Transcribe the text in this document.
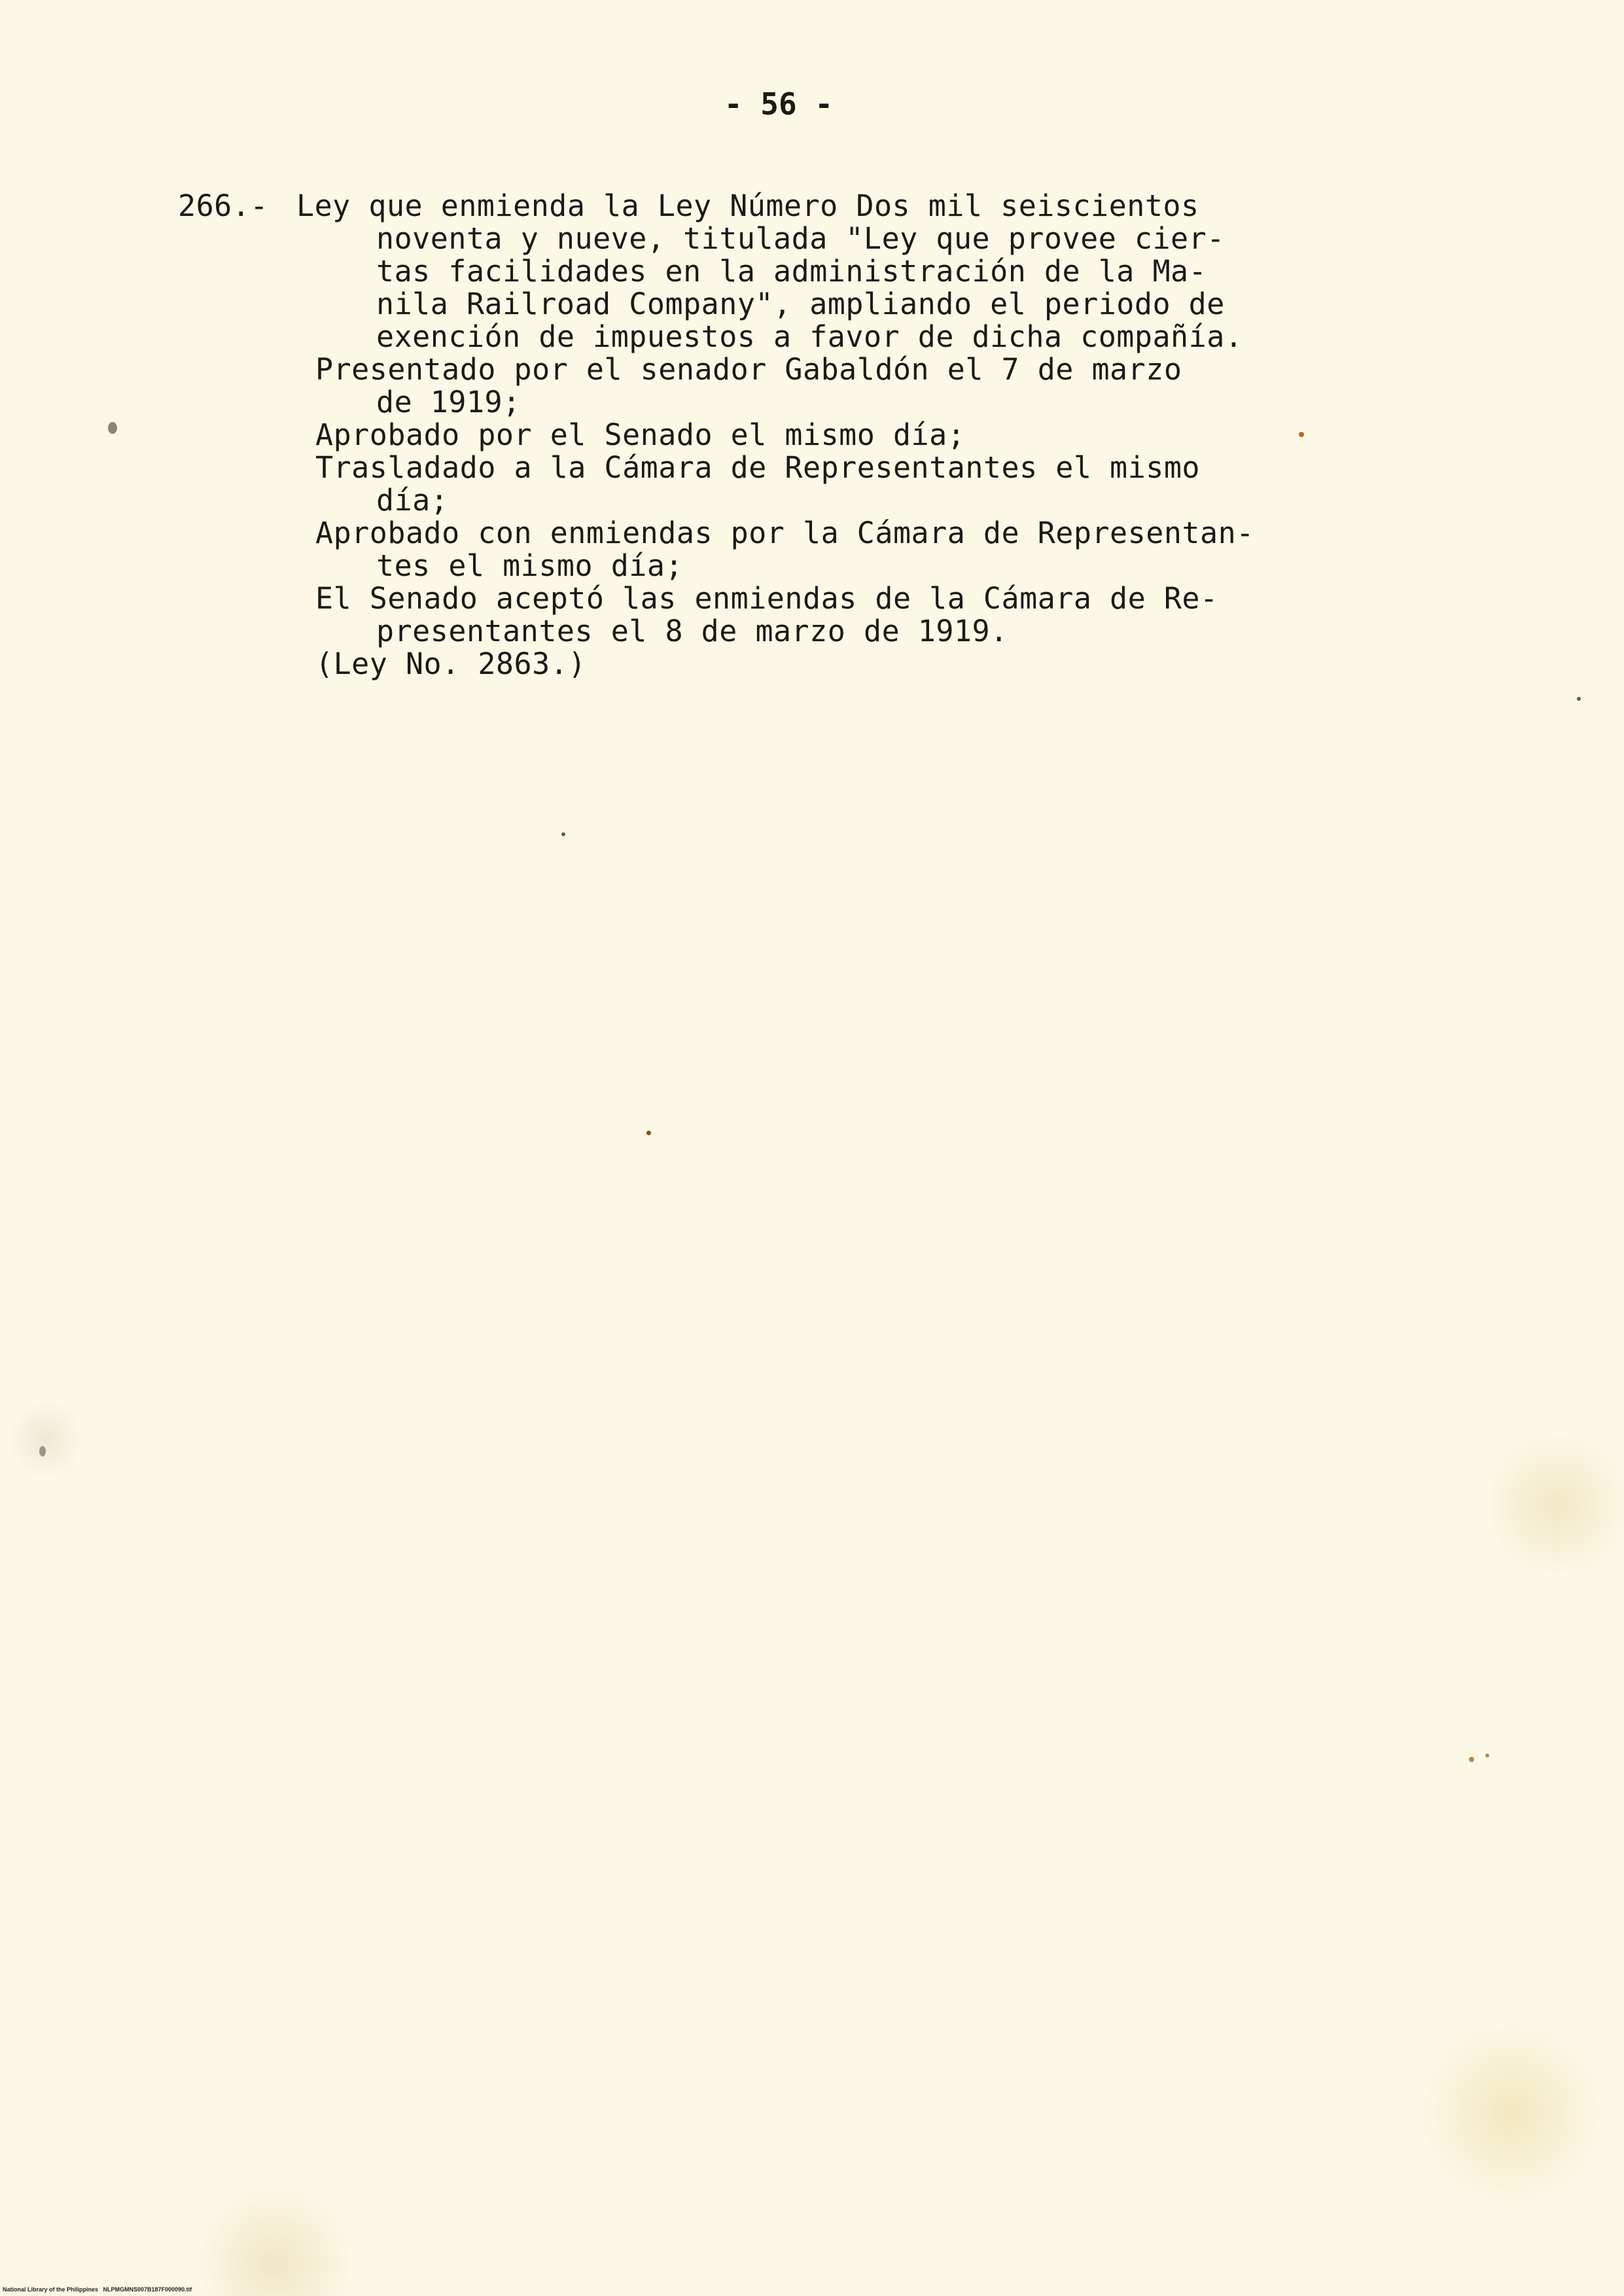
- 56 -
266.- Ley que enmienda la Ley Número Dos mil seiscientos
noventa y nueve, titulada "Ley que provee cier-
tas facilidades en la administración de la Ma-
nila Railroad Company", ampliando el periodo de
exención de impuestos a favor de dicha compañía.
Presentado por el senador Gabaldón el 7 de marzo
de 1919;
Aprobado por el Senado el mismo día;
Trasladado a la Cámara de Representantes el mismo
día;
Aprobado con enmiendas por la Cámara de Representan-
tes el mismo día;
El Senado aceptó las enmiendas de la Cámara de Re-
presentantes el 8 de marzo de 1919.
(Ley No. 2863.)
National Library of the Philippines   NLPMGMNS007B187F000090.tif
